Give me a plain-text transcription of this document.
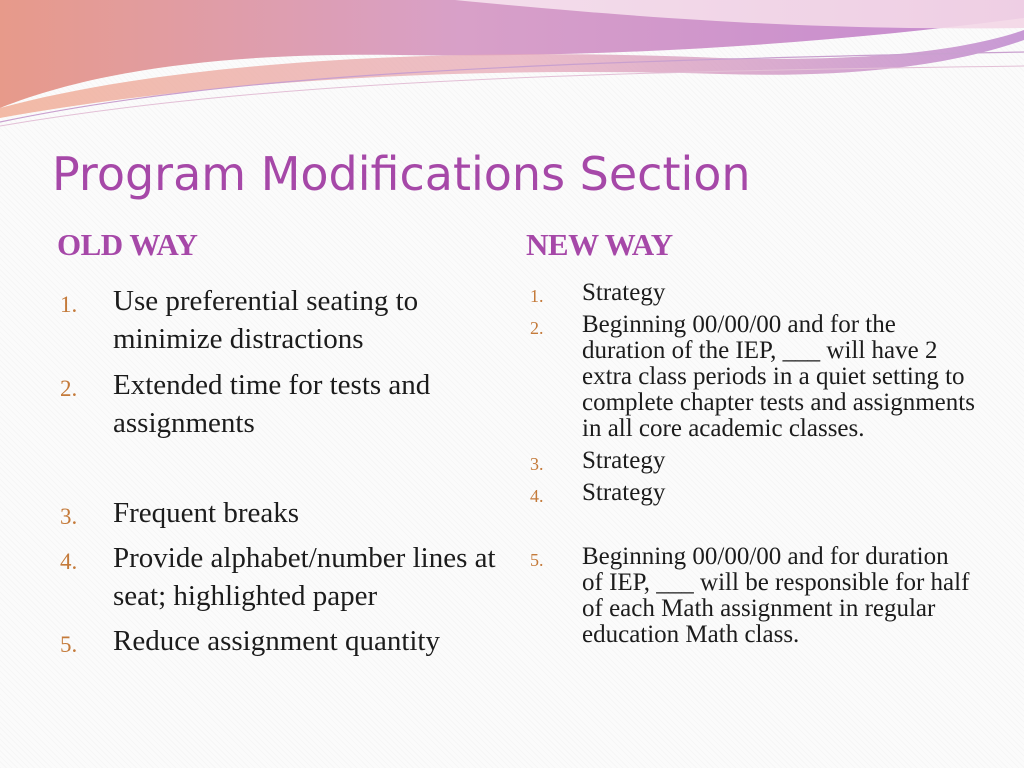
Program Modifications Section
OLD WAY	NEW WAY
1. Use preferential seating to minimize distractions
2. Extended time for tests and assignments
3. Frequent breaks
4. Provide alphabet/number lines at seat; highlighted paper
5. Reduce assignment quantity
1. Strategy
2. Beginning 00/00/00 and for the duration of the IEP, ___ will have 2 extra class periods in a quiet setting to complete chapter tests and assignments in all core academic classes.
3. Strategy
4. Strategy
5. Beginning 00/00/00 and for duration of IEP, ___ will be responsible for half of each Math assignment in regular education Math class.
